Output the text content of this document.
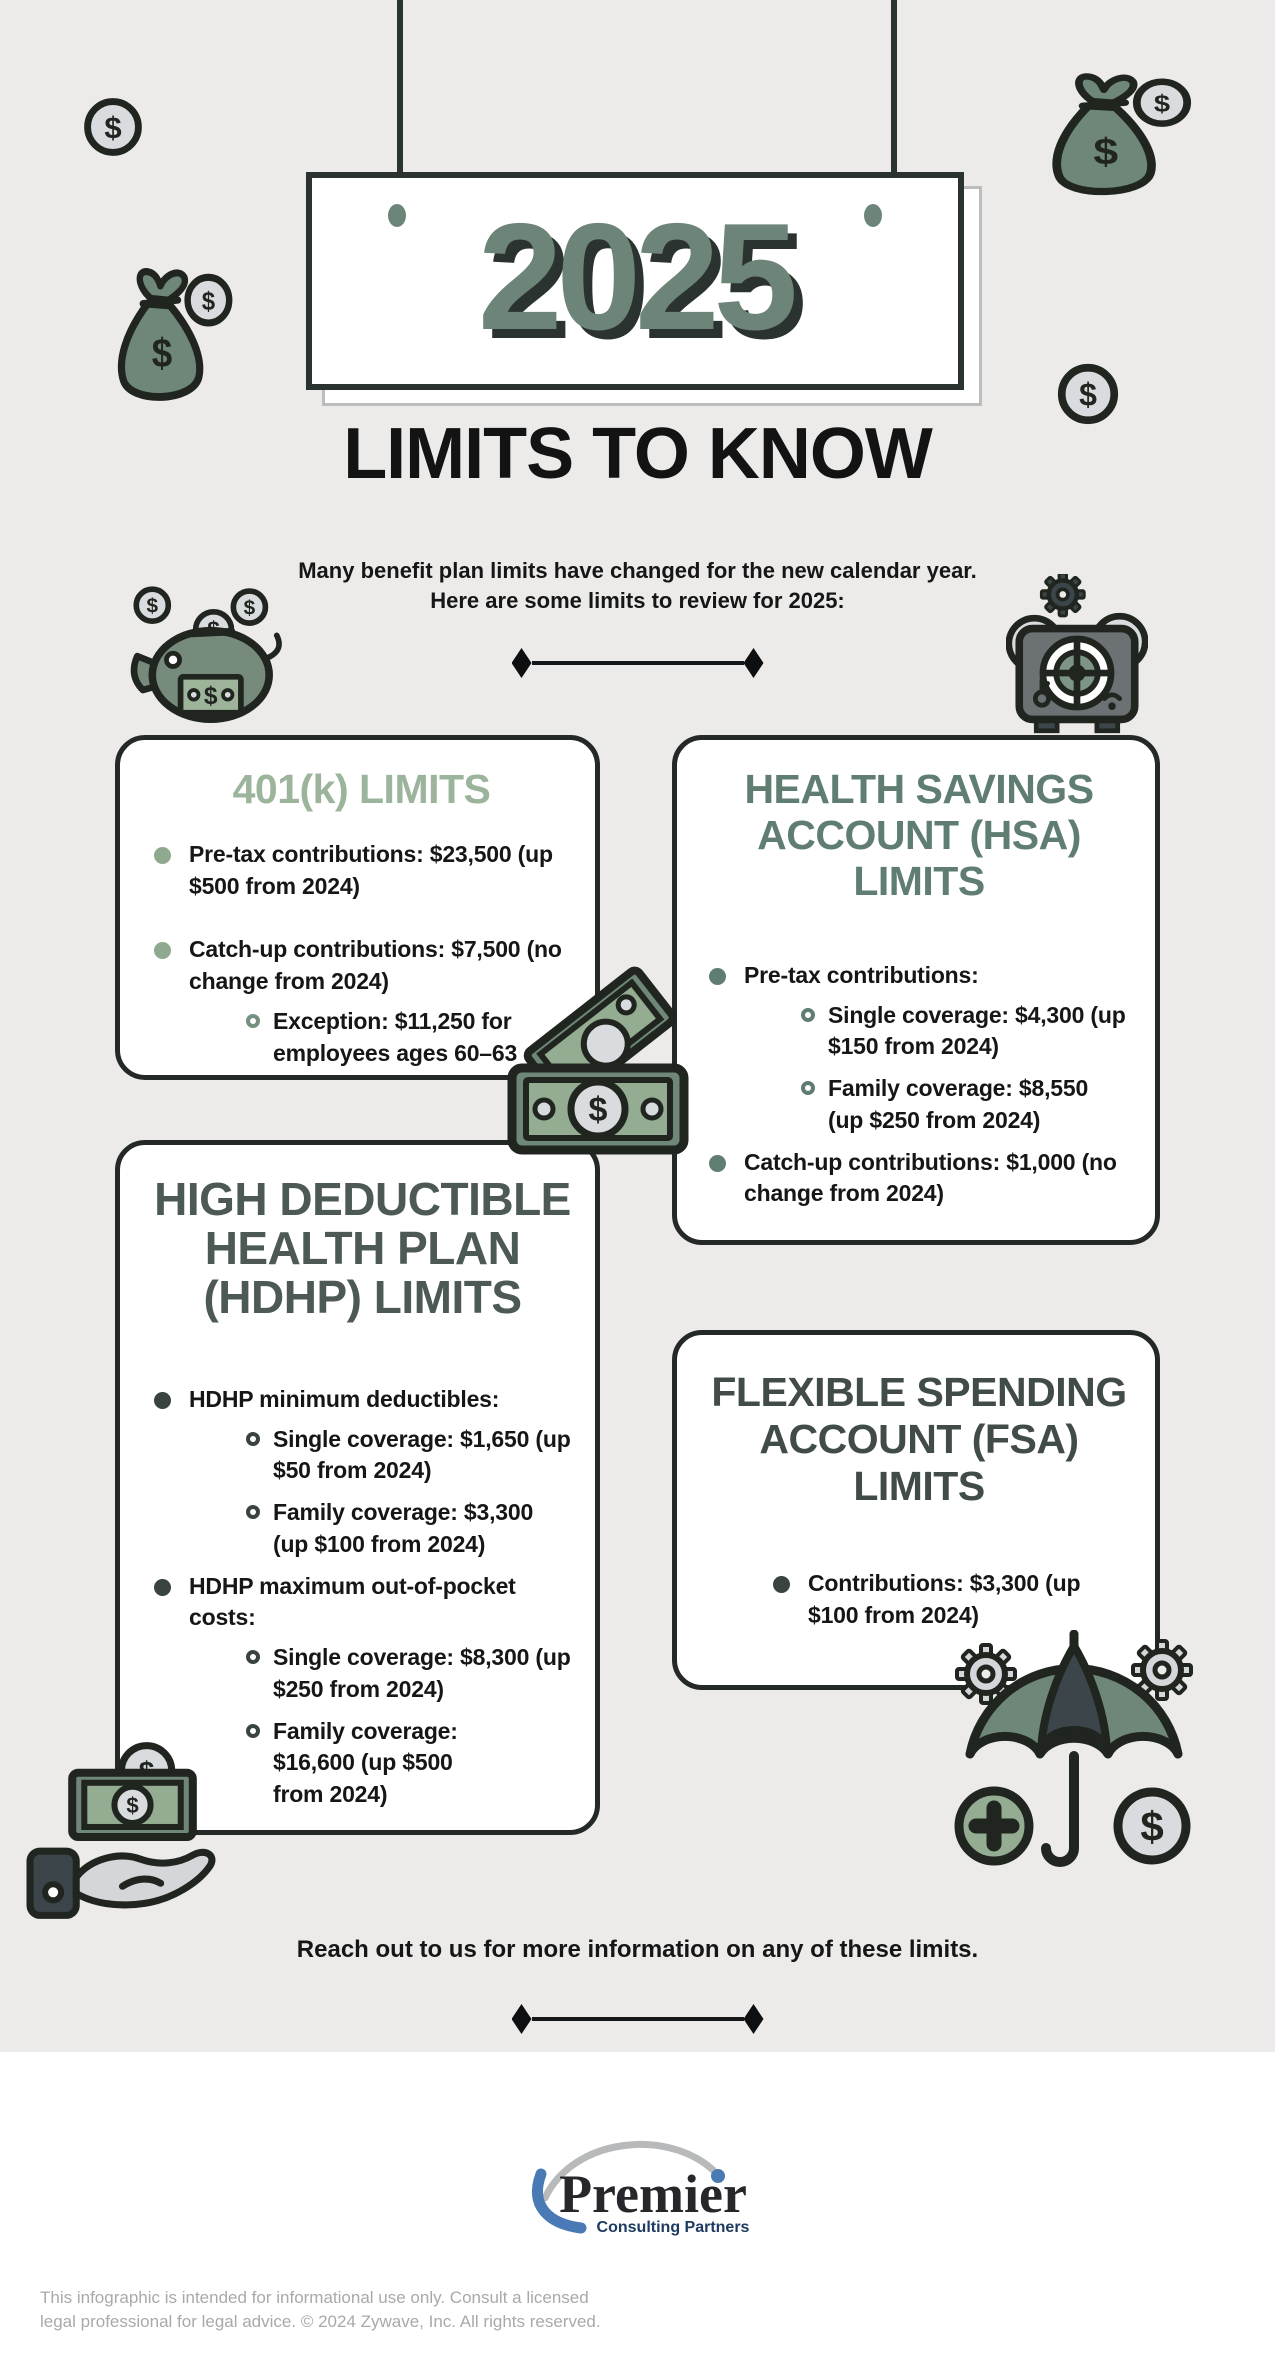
2025
LIMITS TO KNOW
Many benefit plan limits have changed for the new calendar year.
Here are some limits to review for 2025:
$	$
$
$
$
$
$
$
$
401(k) LIMITS
Pre-tax contributions: $23,500 (up $500 from 2024)
Catch-up contributions: $7,500 (no change from 2024)
Exception: $11,250 for employees ages 60–63
HEALTH SAVINGS ACCOUNT (HSA) LIMITS
Pre-tax contributions:
Single coverage: $4,300 (up $150 from 2024)
Family coverage: $8,550 (up $250 from 2024)
Catch-up contributions: $1,000 (no change from 2024)
HIGH DEDUCTIBLE HEALTH PLAN (HDHP) LIMITS
HDHP minimum deductibles:
Single coverage: $1,650 (up $50 from 2024)
Family coverage: $3,300 (up $100 from 2024)
HDHP maximum out-of-pocket costs:
Single coverage: $8,300 (up $250 from 2024)
Family coverage: $16,600 (up $500 from 2024)
FLEXIBLE SPENDING ACCOUNT (FSA) LIMITS
Contributions: $3,300 (up $100 from 2024)
$
$	$
Reach out to us for more information on any of these limits.
Premier
Consulting Partners
This infographic is intended for informational use only. Consult a licensed
legal professional for legal advice. © 2024 Zywave, Inc. All rights reserved.
